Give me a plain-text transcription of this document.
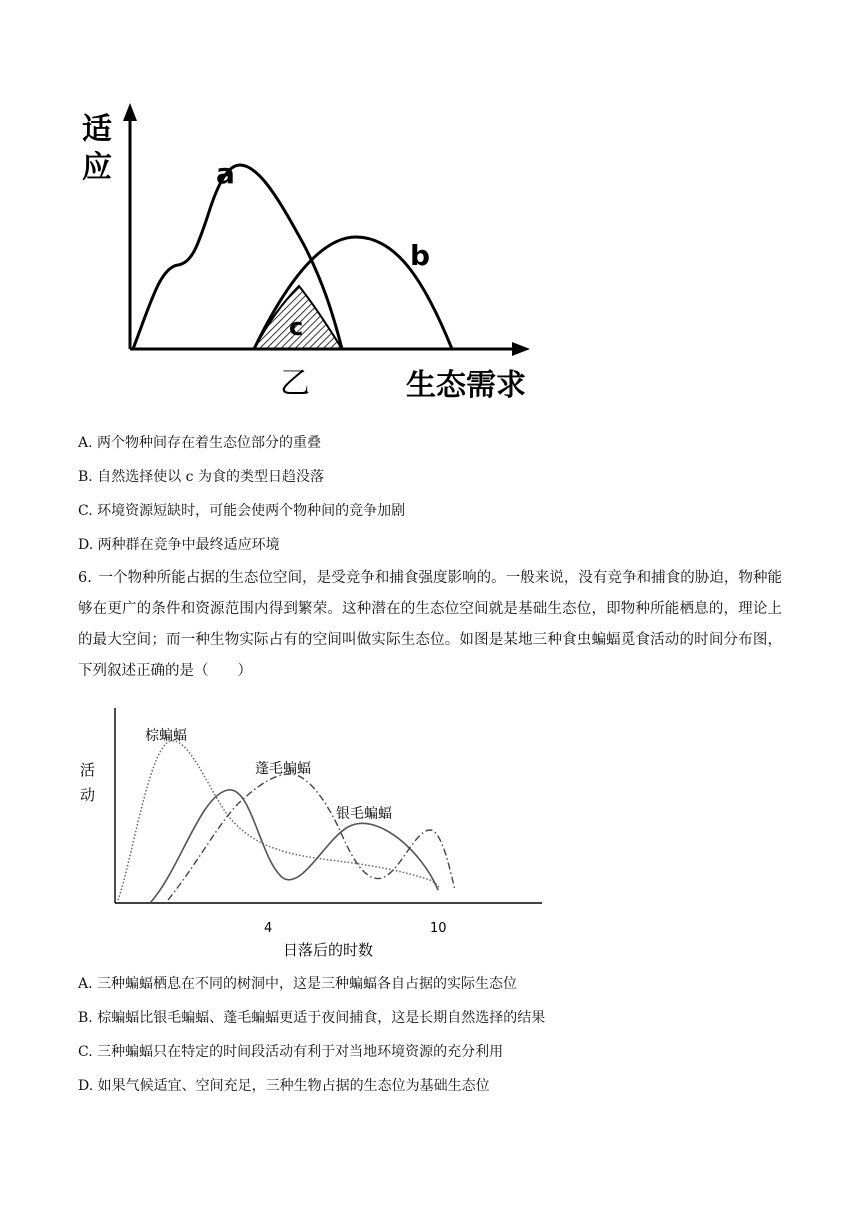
a
b
c
乙	生态需求
适
应
A. 两个物种间存在着生态位部分的重叠
B. 自然选择使以 c 为食的类型日趋没落
C. 环境资源短缺时，可能会使两个物种间的竞争加剧
D. 两种群在竞争中最终适应环境
6. 一个物种所能占据的生态位空间，是受竞争和捕食强度影响的。一般来说，没有竞争和捕食的胁迫，物种能够在更广的条件和资源范围内得到繁荣。这种潜在的生态位空间就是基础生态位，即物种所能栖息的，理论上的最大空间；而一种生物实际占有的空间叫做实际生态位。如图是某地三种食虫蝙蝠觅食活动的时间分布图，下列叙述正确的是（　　）
活
动
棕蝙蝠
蓬毛蝙蝠
银毛蝙蝠
4	10
日落后的时数
A. 三种蝙蝠栖息在不同的树洞中，这是三种蝙蝠各自占据的实际生态位
B. 棕蝙蝠比银毛蝙蝠、蓬毛蝙蝠更适于夜间捕食，这是长期自然选择的结果
C. 三种蝙蝠只在特定的时间段活动有利于对当地环境资源的充分利用
D. 如果气候适宜、空间充足，三种生物占据的生态位为基础生态位
